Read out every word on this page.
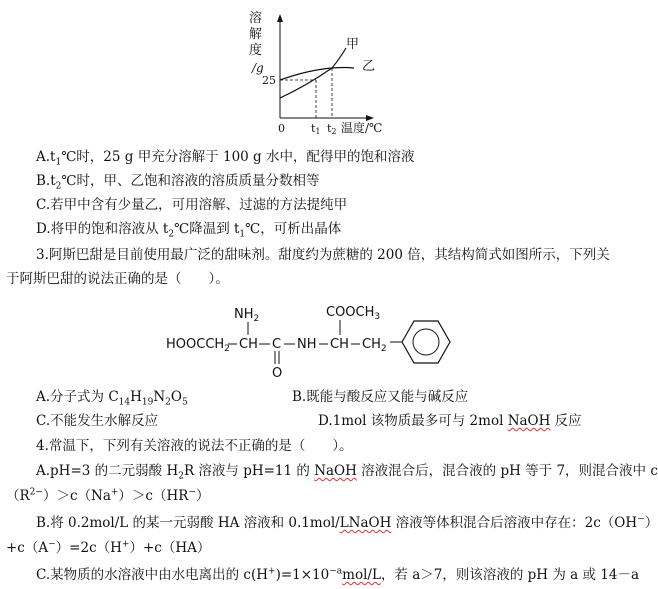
溶
解
度
/g
25
0 t1 t2 温度/℃
甲
乙
$A.t_1℃$时，25 g 甲充分溶解于 100 g 水中，配得甲的饱和溶液
$B.t_2℃$时，甲、乙饱和溶液的溶质质量分数相等
C.若甲中含有少量乙，可用溶解、过滤的方法提纯甲
D.将甲的饱和溶液从 $t_2℃$降温到 $t_1℃$，可析出晶体
3.阿斯巴甜是目前使用最广泛的甜味剂。甜度约为蔗糖的 200 倍，其结构简式如图所示，下列关
于阿斯巴甜的说法正确的是（　　）。
$NH_2$	$COOCH_3$
$HOOCCH_2$ CH C
O
NH CH $CH_2$
A.分子式为 $C_{14}H_{19}N_2O_5$	B.既能与酸反应又能与碱反应
C.不能发生水解反应	D.1mol 该物质最多可与 2mol NaOH 反应
4.常温下，下列有关溶液的说法不正确的是（　　）。
A.pH=3 的二元弱酸 $H_2R$ 溶液与 pH=11 的 NaOH 溶液混合后，混合液的 pH 等于 7，则混合液中 c
$(R^{2-})>c(Na^+)>c(HR^-)$
B.将 0.2mol/L 的某一元弱酸 HA 溶液和 0.1mol/LNaOH 溶液等体积混合后溶液中存在：2c（OH−）
+c（A−）=2c（H+）+c（HA）
C.某物质的水溶液中由水电离出的 $c(H^+)=1\times 10^{-a}mol/L$，若 a＞7，则该溶液的 pH 为 a 或 14－a
